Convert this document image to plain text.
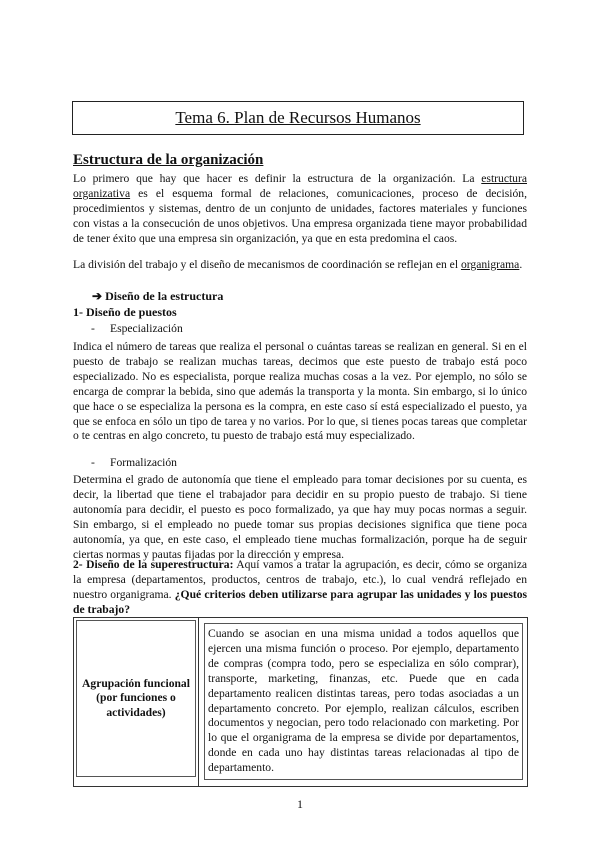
Tema 6. Plan de Recursos Humanos
Estructura de la organización

Lo primero que hay que hacer es definir la estructura de la organización. La estructura organizativa es el esquema formal de relaciones, comunicaciones, proceso de decisión, procedimientos y sistemas, dentro de un conjunto de unidades, factores materiales y funciones con vistas a la consecución de unos objetivos. Una empresa organizada tiene mayor probabilidad de tener éxito que una empresa sin organización, ya que en esta predomina el caos.

La división del trabajo y el diseño de mecanismos de coordinación se reflejan en el organigrama.

➔ Diseño de la estructura
1- Diseño de puestos
- Especialización

Indica el número de tareas que realiza el personal o cuántas tareas se realizan en general. Si en el puesto de trabajo se realizan muchas tareas, decimos que este puesto de trabajo está poco especializado. No es especialista, porque realiza muchas cosas a la vez. Por ejemplo, no sólo se encarga de comprar la bebida, sino que además la transporta y la monta. Sin embargo, si lo único que hace o se especializa la persona es la compra, en este caso sí está especializado el puesto, ya que se enfoca en sólo un tipo de tarea y no varios. Por lo que, si tienes pocas tareas que completar o te centras en algo concreto, tu puesto de trabajo está muy especializado.

- Formalización

Determina el grado de autonomía que tiene el empleado para tomar decisiones por su cuenta, es decir, la libertad que tiene el trabajador para decidir en su propio puesto de trabajo. Si tiene autonomía para decidir, el puesto es poco formalizado, ya que hay muy pocas normas a seguir. Sin embargo, si el empleado no puede tomar sus propias decisiones significa que tiene poca autonomía, ya que, en este caso, el empleado tiene muchas formalización, porque ha de seguir ciertas normas y pautas fijadas por la dirección y empresa.

2- Diseño de la superestructura: Aquí vamos a tratar la agrupación, es decir, cómo se organiza la empresa (departamentos, productos, centros de trabajo, etc.), lo cual vendrá reflejado en nuestro organigrama. ¿Qué criterios deben utilizarse para agrupar las unidades y los puestos de trabajo?

Agrupación funcional (por funciones o actividades)

Cuando se asocian en una misma unidad a todos aquellos que ejercen una misma función o proceso. Por ejemplo, departamento de compras (compra todo, pero se especializa en sólo comprar), transporte, marketing, finanzas, etc. Puede que en cada departamento realicen distintas tareas, pero todas asociadas a un departamento concreto. Por ejemplo, realizan cálculos, escriben documentos y negocian, pero todo relacionado con marketing. Por lo que el organigrama de la empresa se divide por departamentos, donde en cada uno hay distintas tareas relacionadas al tipo de departamento.
1
